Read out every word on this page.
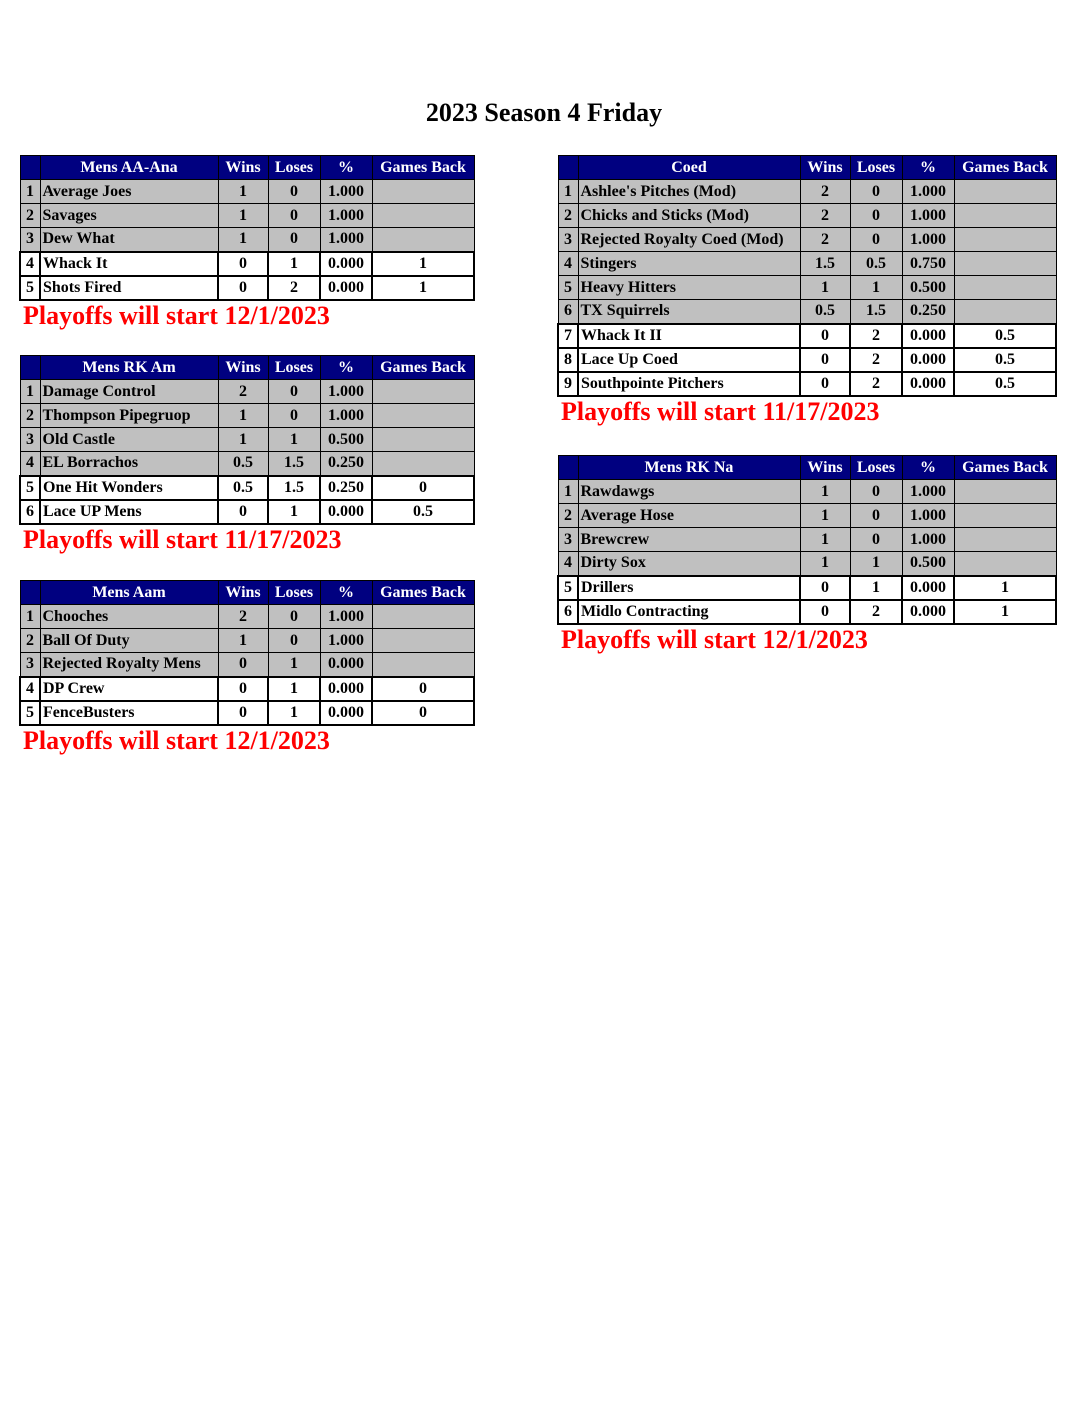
2023 Season 4 Friday
	Mens AA-Ana	Wins	Loses	%	Games Back
1	Average Joes	1	0	1.000	
2	Savages	1	0	1.000	
3	Dew What	1	0	1.000	
4	Whack It	0	1	0.000	1
5	Shots Fired	0	2	0.000	1
Playoffs will start 12/1/2023
	Mens RK Am	Wins	Loses	%	Games Back
1	Damage Control	2	0	1.000	
2	Thompson Pipegruop	1	0	1.000	
3	Old Castle	1	1	0.500	
4	EL Borrachos	0.5	1.5	0.250	
5	One Hit Wonders	0.5	1.5	0.250	0
6	Lace UP Mens	0	1	0.000	0.5
Playoffs will start 11/17/2023
	Mens Aam	Wins	Loses	%	Games Back
1	Chooches	2	0	1.000	
2	Ball Of Duty	1	0	1.000	
3	Rejected Royalty Mens	0	1	0.000	
4	DP Crew	0	1	0.000	0
5	FenceBusters	0	1	0.000	0
Playoffs will start 12/1/2023
	Coed	Wins	Loses	%	Games Back
1	Ashlee's Pitches (Mod)	2	0	1.000	
2	Chicks and Sticks (Mod)	2	0	1.000	
3	Rejected Royalty Coed (Mod)	2	0	1.000	
4	Stingers	1.5	0.5	0.750	
5	Heavy Hitters	1	1	0.500	
6	TX Squirrels	0.5	1.5	0.250	
7	Whack It II	0	2	0.000	0.5
8	Lace Up Coed	0	2	0.000	0.5
9	Southpointe Pitchers	0	2	0.000	0.5
Playoffs will start 11/17/2023
	Mens RK Na	Wins	Loses	%	Games Back
1	Rawdawgs	1	0	1.000	
2	Average Hose	1	0	1.000	
3	Brewcrew	1	0	1.000	
4	Dirty Sox	1	1	0.500	
5	Drillers	0	1	0.000	1
6	Midlo Contracting	0	2	0.000	1
Playoffs will start 12/1/2023
